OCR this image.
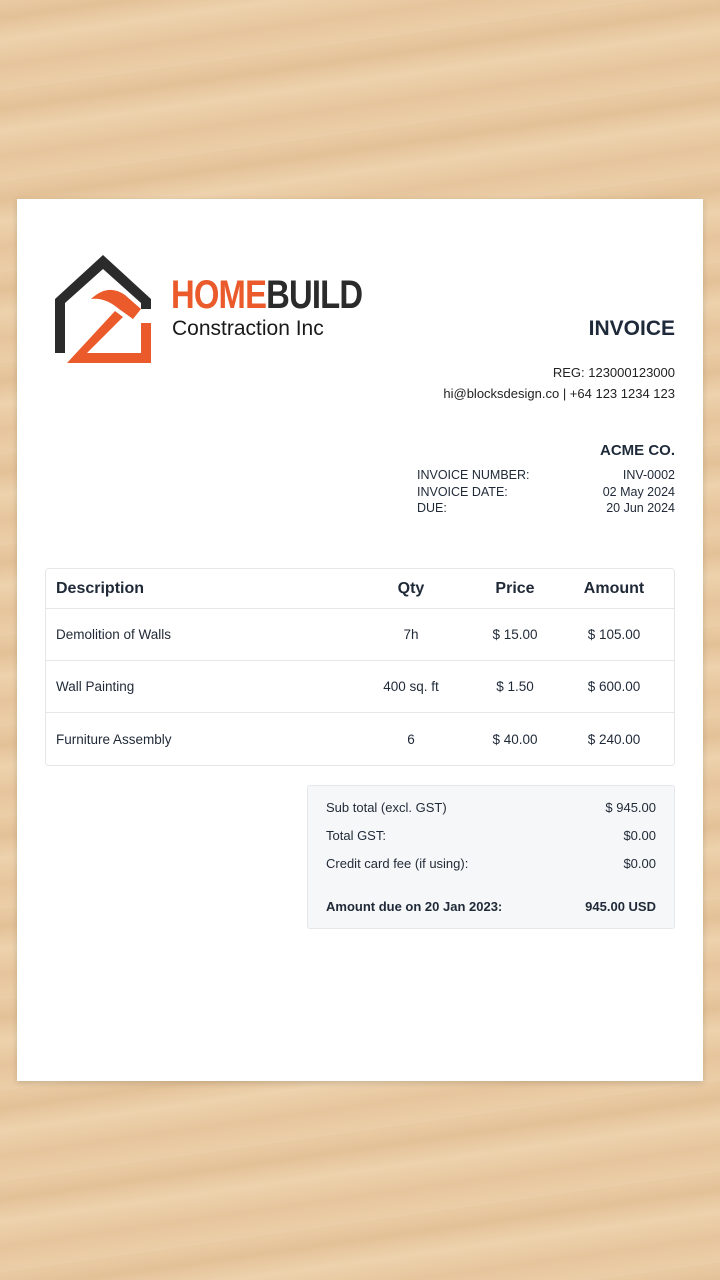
HOMEBUILD
Constraction Inc	INVOICE
REG: 123000123000
hi@blocksdesign.co | +64 123 1234 123
ACME CO.
INVOICE NUMBER:	INV-0002
INVOICE DATE:	02 May 2024
DUE:	20 Jun 2024
Description	Qty	Price	Amount
Demolition of Walls	7h	$ 15.00	$ 105.00
Wall Painting	400 sq. ft	$ 1.50	$ 600.00
Furniture Assembly	6	$ 40.00	$ 240.00
Sub total (excl. GST)	$ 945.00
Total GST:	$0.00
Credit card fee (if using):	$0.00
Amount due on 20 Jan 2023:	945.00 USD
